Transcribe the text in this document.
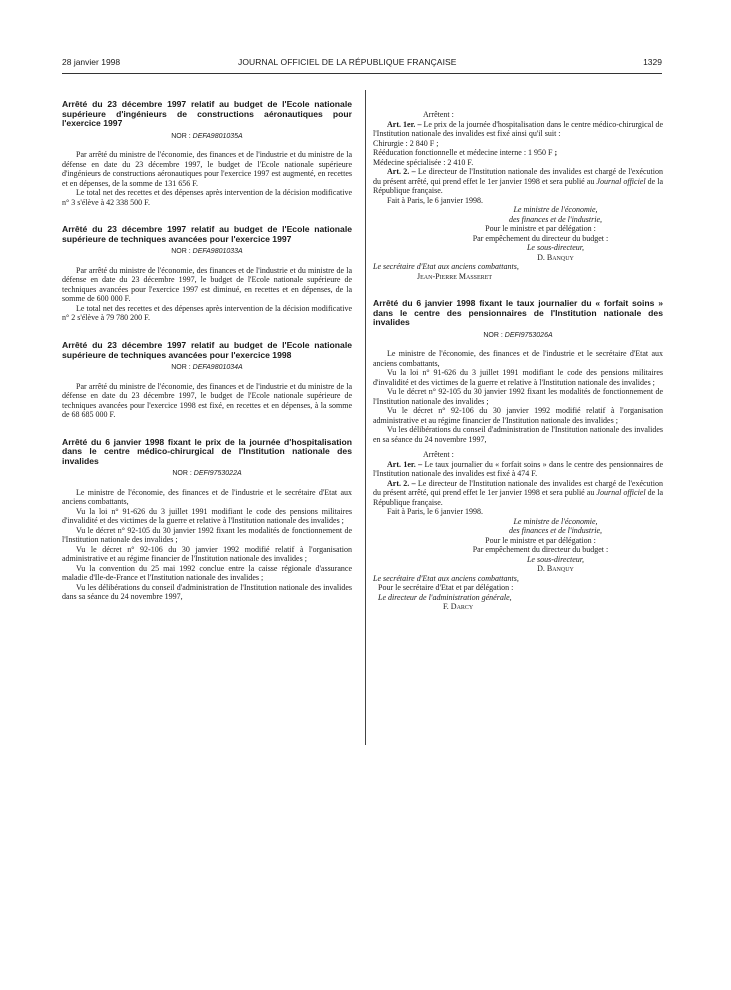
28 janvier 1998	JOURNAL OFFICIEL DE LA RÉPUBLIQUE FRANÇAISE	1329

Arrêté du 23 décembre 1997 relatif au budget de l'Ecole nationale supérieure d'ingénieurs de constructions aéronautiques pour l'exercice 1997

NOR : DEFA9801035A

Par arrêté du ministre de l'économie, des finances et de l'industrie et du ministre de la défense en date du 23 décembre 1997, le budget de l'Ecole nationale supérieure d'ingénieurs de constructions aéronautiques pour l'exercice 1997 est augmenté, en recettes et en dépenses, de la somme de 131 656 F.

Le total net des recettes et des dépenses après intervention de la décision modificative n° 3 s'élève à 42 338 500 F.

Arrêté du 23 décembre 1997 relatif au budget de l'Ecole nationale supérieure de techniques avancées pour l'exercice 1997

NOR : DEFA9801033A

Par arrêté du ministre de l'économie, des finances et de l'industrie et du ministre de la défense en date du 23 décembre 1997, le budget de l'Ecole nationale supérieure de techniques avancées pour l'exercice 1997 est diminué, en recettes et en dépenses, de la somme de 600 000 F.

Le total net des recettes et des dépenses après intervention de la décision modificative n° 2 s'élève à 79 780 200 F.

Arrêté du 23 décembre 1997 relatif au budget de l'Ecole nationale supérieure de techniques avancées pour l'exercice 1998

NOR : DEFA9801034A

Par arrêté du ministre de l'économie, des finances et de l'industrie et du ministre de la défense en date du 23 décembre 1997, le budget de l'Ecole nationale supérieure de techniques avancées pour l'exercice 1998 est fixé, en recettes et en dépenses, à la somme de 68 685 000 F.

Arrêté du 6 janvier 1998 fixant le prix de la journée d'hospitalisation dans le centre médico-chirurgical de l'Institution nationale des invalides

NOR : DEFI9753022A

Le ministre de l'économie, des finances et de l'industrie et le secrétaire d'Etat aux anciens combattants,

Vu la loi n° 91-626 du 3 juillet 1991 modifiant le code des pensions militaires d'invalidité et des victimes de la guerre et relative à l'Institution nationale des invalides ;

Vu le décret n° 92-105 du 30 janvier 1992 fixant les modalités de fonctionnement de l'Institution nationale des invalides ;

Vu le décret n° 92-106 du 30 janvier 1992 modifié relatif à l'organisation administrative et au régime financier de l'Institution nationale des invalides ;

Vu la convention du 25 mai 1992 conclue entre la caisse régionale d'assurance maladie d'Ile-de-France et l'Institution nationale des invalides ;

Vu les délibérations du conseil d'administration de l'Institution nationale des invalides dans sa séance du 24 novembre 1997,

Arrêtent :

Art. 1er. – Le prix de la journée d'hospitalisation dans le centre médico-chirurgical de l'Institution nationale des invalides est fixé ainsi qu'il suit :

Chirurgie : 2 840 F ;

Rééducation fonctionnelle et médecine interne : 1 950 F ;

Médecine spécialisée : 2 410 F.

Art. 2. – Le directeur de l'Institution nationale des invalides est chargé de l'exécution du présent arrêté, qui prend effet le 1er janvier 1998 et sera publié au Journal officiel de la République française.

Fait à Paris, le 6 janvier 1998.

Le ministre de l'économie,

des finances et de l'industrie,

Pour le ministre et par délégation :

Par empêchement du directeur du budget :

Le sous-directeur,

D. Banquy

Le secrétaire d'Etat aux anciens combattants,

Jean-Pierre Masseret

Arrêté du 6 janvier 1998 fixant le taux journalier du « forfait soins » dans le centre des pensionnaires de l'Institution nationale des invalides

NOR : DEFI9753026A

Le ministre de l'économie, des finances et de l'industrie et le secrétaire d'Etat aux anciens combattants,

Vu la loi n° 91-626 du 3 juillet 1991 modifiant le code des pensions militaires d'invalidité et des victimes de la guerre et relative à l'Institution nationale des invalides ;

Vu le décret n° 92-105 du 30 janvier 1992 fixant les modalités de fonctionnement de l'Institution nationale des invalides ;

Vu le décret n° 92-106 du 30 janvier 1992 modifié relatif à l'organisation administrative et au régime financier de l'Institution nationale des invalides ;

Vu les délibérations du conseil d'administration de l'Institution nationale des invalides en sa séance du 24 novembre 1997,

Arrêtent :

Art. 1er. – Le taux journalier du « forfait soins » dans le centre des pensionnaires de l'Institution nationale des invalides est fixé à 474 F.

Art. 2. – Le directeur de l'Institution nationale des invalides est chargé de l'exécution du présent arrêté, qui prend effet le 1er janvier 1998 et sera publié au Journal officiel de la République française.

Fait à Paris, le 6 janvier 1998.

Le ministre de l'économie,

des finances et de l'industrie,

Pour le ministre et par délégation :

Par empêchement du directeur du budget :

Le sous-directeur,

D. Banquy

Le secrétaire d'Etat aux anciens combattants,

Pour le secrétaire d'Etat et par délégation :

Le directeur de l'administration générale,

F. Darcy
